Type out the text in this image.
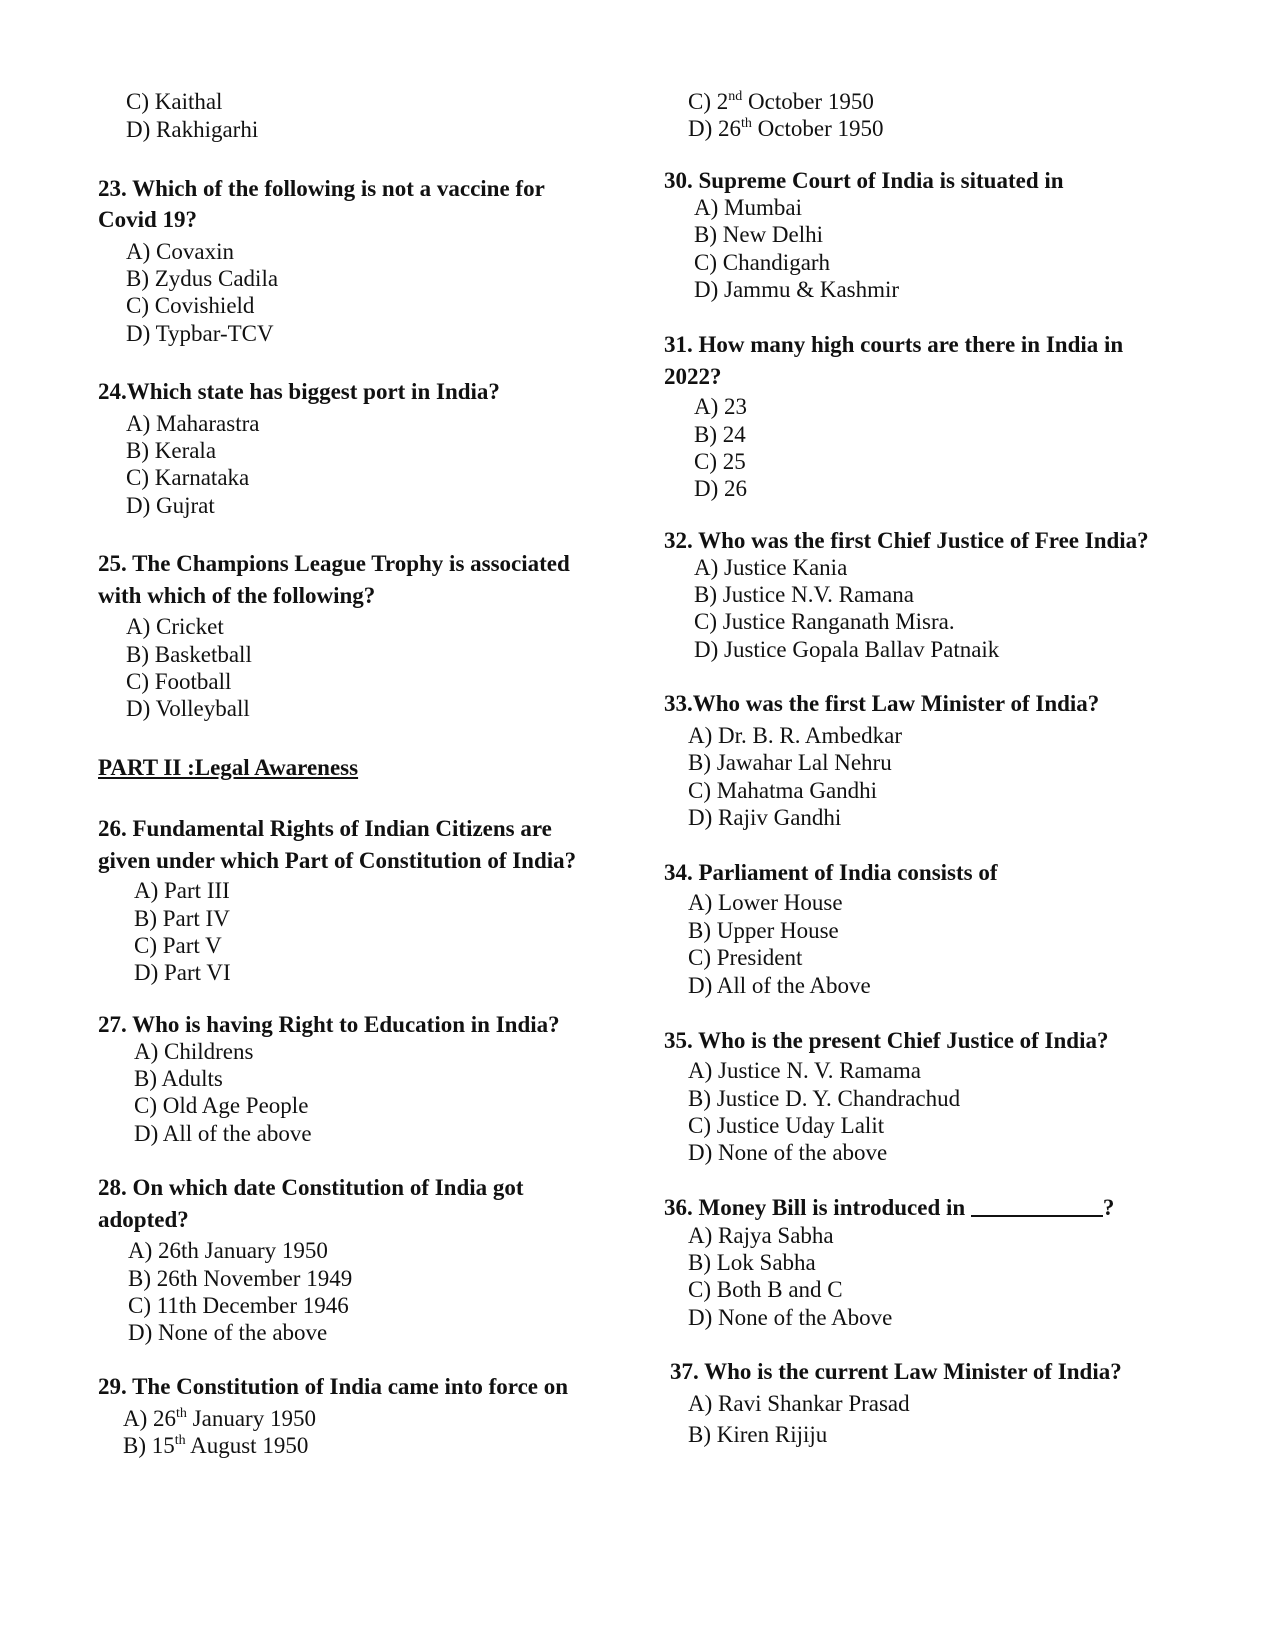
C) Kaithal
D) Rakhigarhi
23. Which of the following is not a vaccine for
Covid 19?
A) Covaxin
B) Zydus Cadila
C) Covishield
D) Typbar-TCV
24.Which state has biggest port in India?
A) Maharastra
B) Kerala
C) Karnataka
D) Gujrat
25. The Champions League Trophy is associated
with which of the following?
A) Cricket
B) Basketball
C) Football
D) Volleyball
PART II :Legal Awareness
26. Fundamental Rights of Indian Citizens are
given under which Part of Constitution of India?
A) Part III
B) Part IV
C) Part V
D) Part VI
27. Who is having Right to Education in India?
A) Childrens
B) Adults
C) Old Age People
D) All of the above
28. On which date Constitution of India got
adopted?
A) 26th January 1950
B) 26th November 1949
C) 11th December 1946
D) None of the above
29. The Constitution of India came into force on
A) 26th January 1950
B) 15th August 1950
C) 2nd October 1950
D) 26th October 1950
30. Supreme Court of India is situated in
A) Mumbai
B) New Delhi
C) Chandigarh
D) Jammu & Kashmir
31. How many high courts are there in India in
2022?
A) 23
B) 24
C) 25
D) 26
32. Who was the first Chief Justice of Free India?
A) Justice Kania
B) Justice N.V. Ramana
C) Justice Ranganath Misra.
D) Justice Gopala Ballav Patnaik
33.Who was the first Law Minister of India?
A) Dr. B. R. Ambedkar
B) Jawahar Lal Nehru
C) Mahatma Gandhi
D) Rajiv Gandhi
34. Parliament of India consists of
A) Lower House
B) Upper House
C) President
D) All of the Above
35. Who is the present Chief Justice of India?
A) Justice N. V. Ramama
B) Justice D. Y. Chandrachud
C) Justice Uday Lalit
D) None of the above
36. Money Bill is introduced in	?
A) Rajya Sabha
B) Lok Sabha
C) Both B and C
D) None of the Above
37. Who is the current Law Minister of India?
A) Ravi Shankar Prasad
B) Kiren Rijiju
